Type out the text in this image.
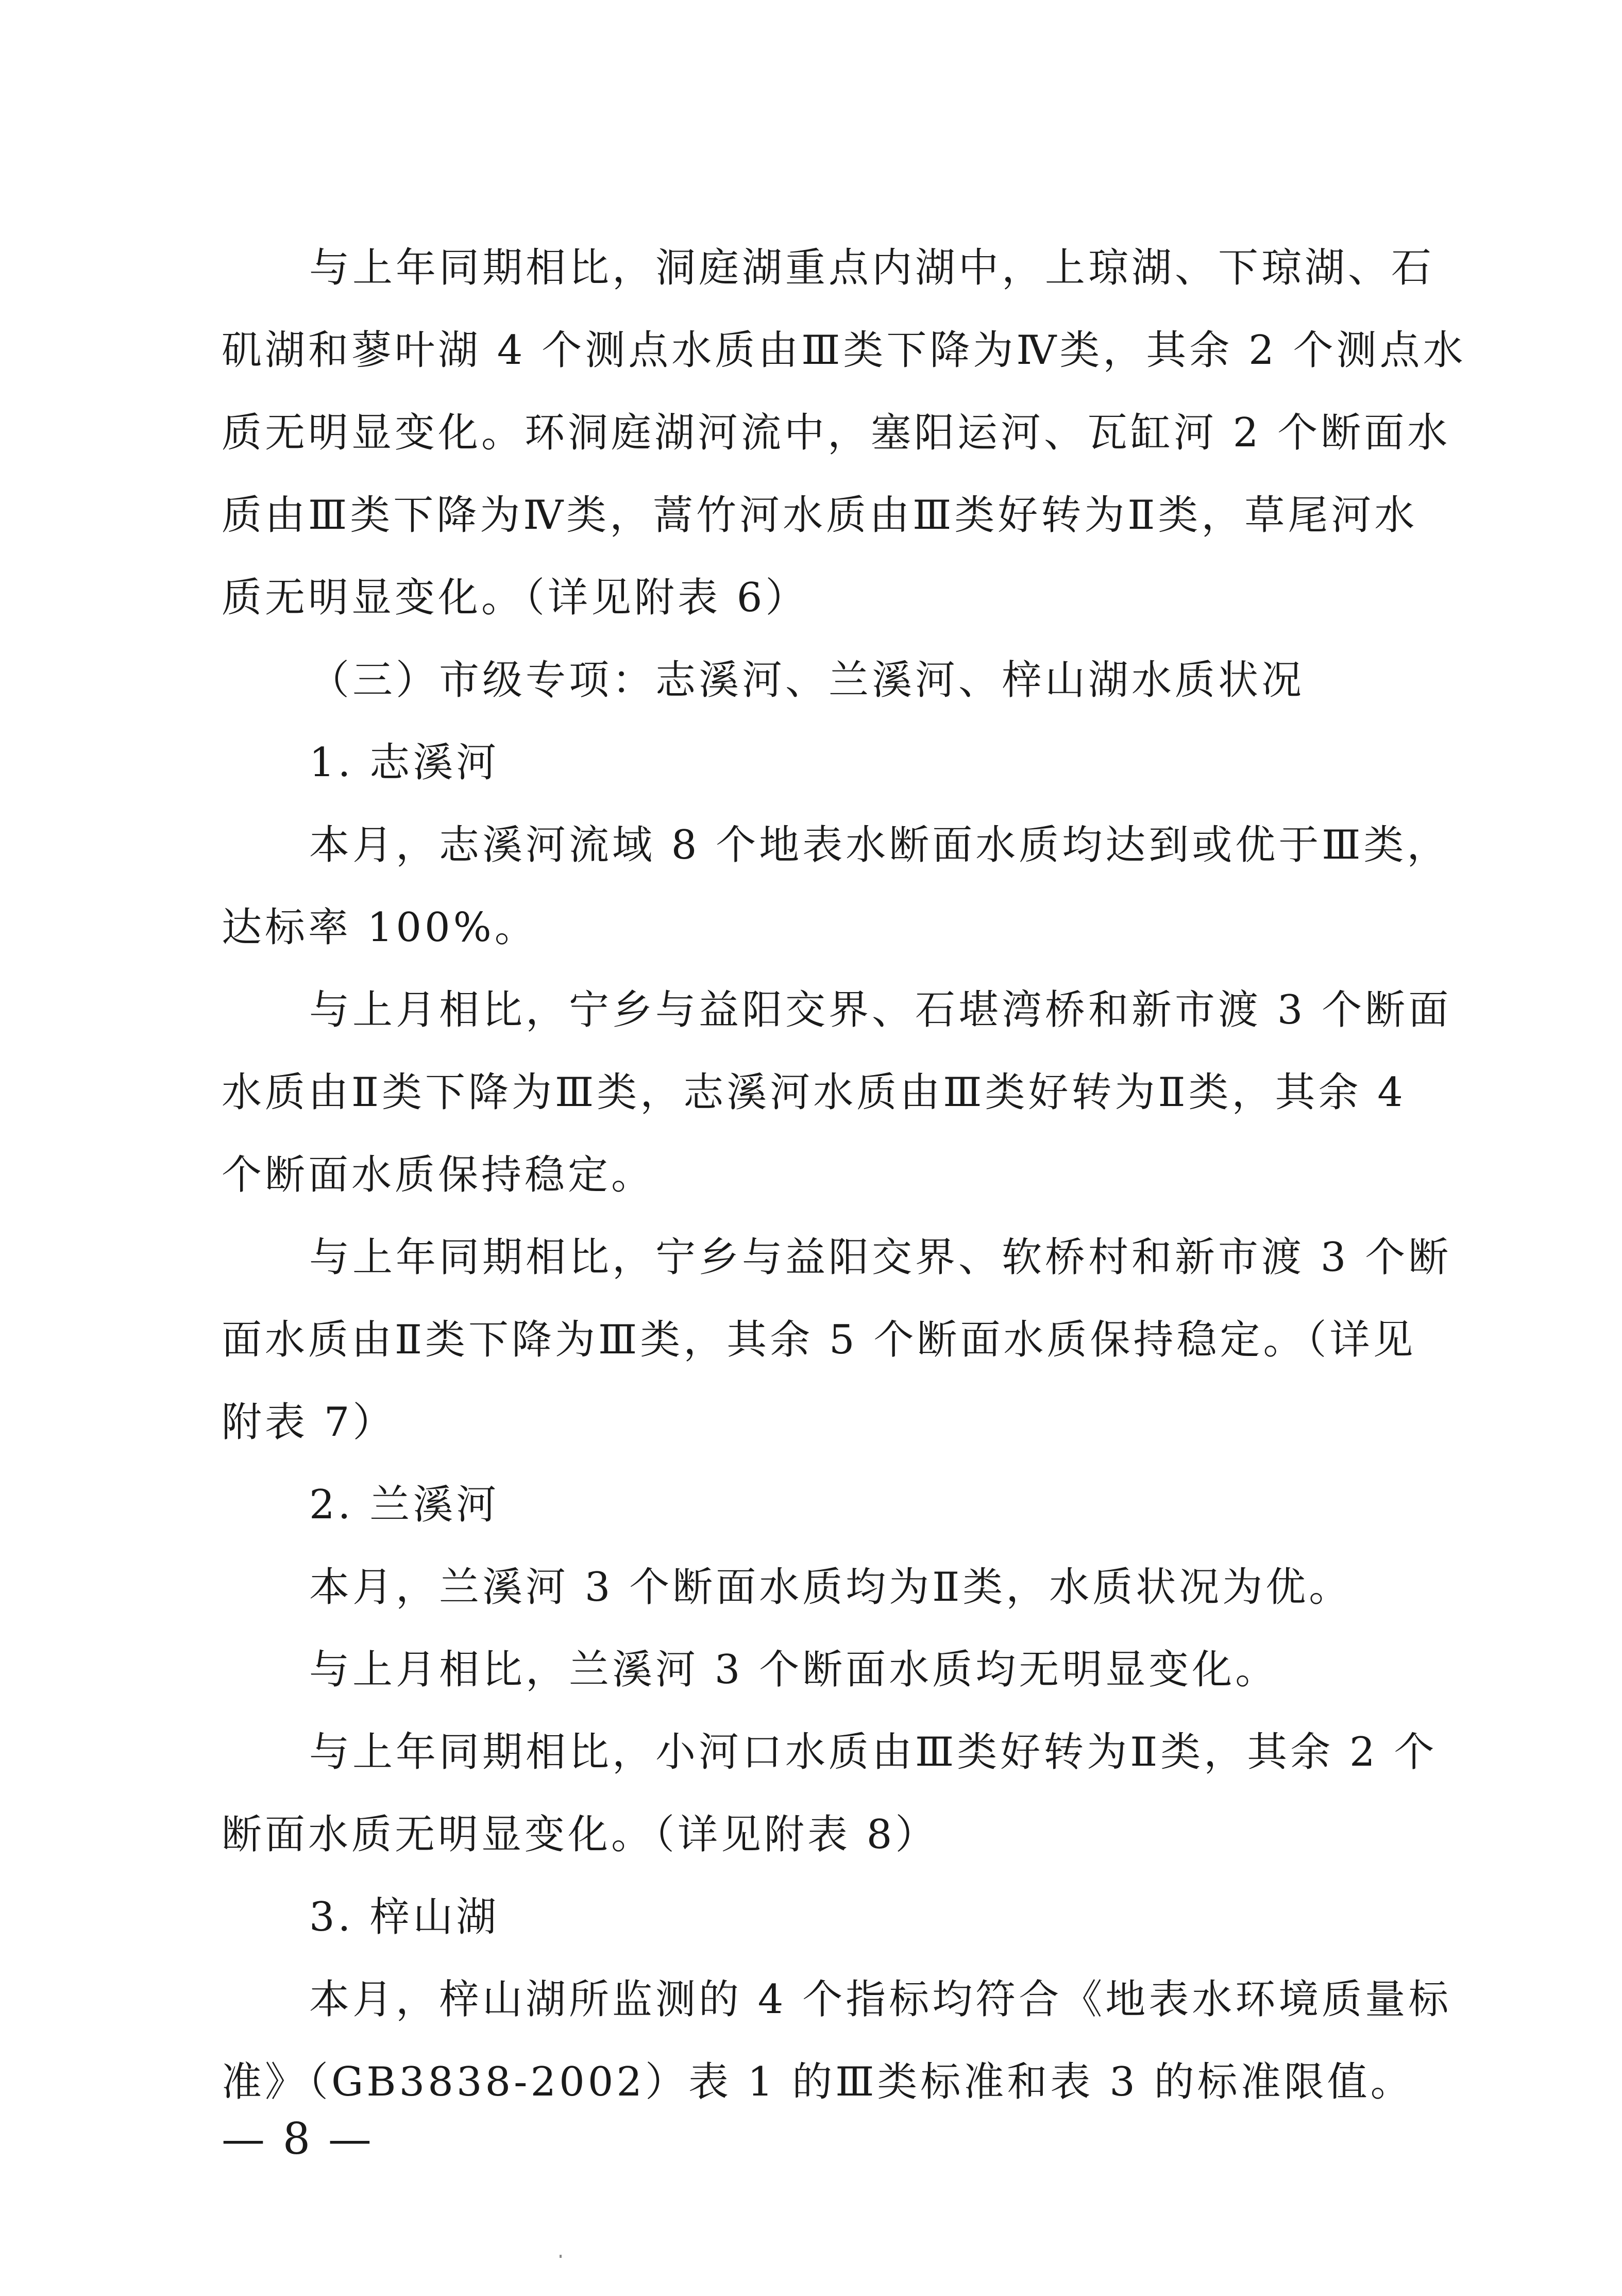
与上年同期相比，洞庭湖重点内湖中，上琼湖、下琼湖、石
矶湖和蓼叶湖 4 个测点水质由Ⅲ类下降为Ⅳ类，其余 2 个测点水
质无明显变化。环洞庭湖河流中，塞阳运河、瓦缸河 2 个断面水
质由Ⅲ类下降为Ⅳ类，蒿竹河水质由Ⅲ类好转为Ⅱ类，草尾河水
质无明显变化。（详见附表 6）
（三）市级专项：志溪河、兰溪河、梓山湖水质状况
1. 志溪河
本月，志溪河流域 8 个地表水断面水质均达到或优于Ⅲ类，
达标率 100%。
与上月相比，宁乡与益阳交界、石堪湾桥和新市渡 3 个断面
水质由Ⅱ类下降为Ⅲ类，志溪河水质由Ⅲ类好转为Ⅱ类，其余 4
个断面水质保持稳定。
与上年同期相比，宁乡与益阳交界、软桥村和新市渡 3 个断
面水质由Ⅱ类下降为Ⅲ类，其余 5 个断面水质保持稳定。（详见
附表 7）
2. 兰溪河
本月，兰溪河 3 个断面水质均为Ⅱ类，水质状况为优。
与上月相比，兰溪河 3 个断面水质均无明显变化。
与上年同期相比，小河口水质由Ⅲ类好转为Ⅱ类，其余 2 个
断面水质无明显变化。（详见附表 8）
3. 梓山湖
本月，梓山湖所监测的 4 个指标均符合《地表水环境质量标
准》（GB3838-2002）表 1 的Ⅲ类标准和表 3 的标准限值。
— 8 —
